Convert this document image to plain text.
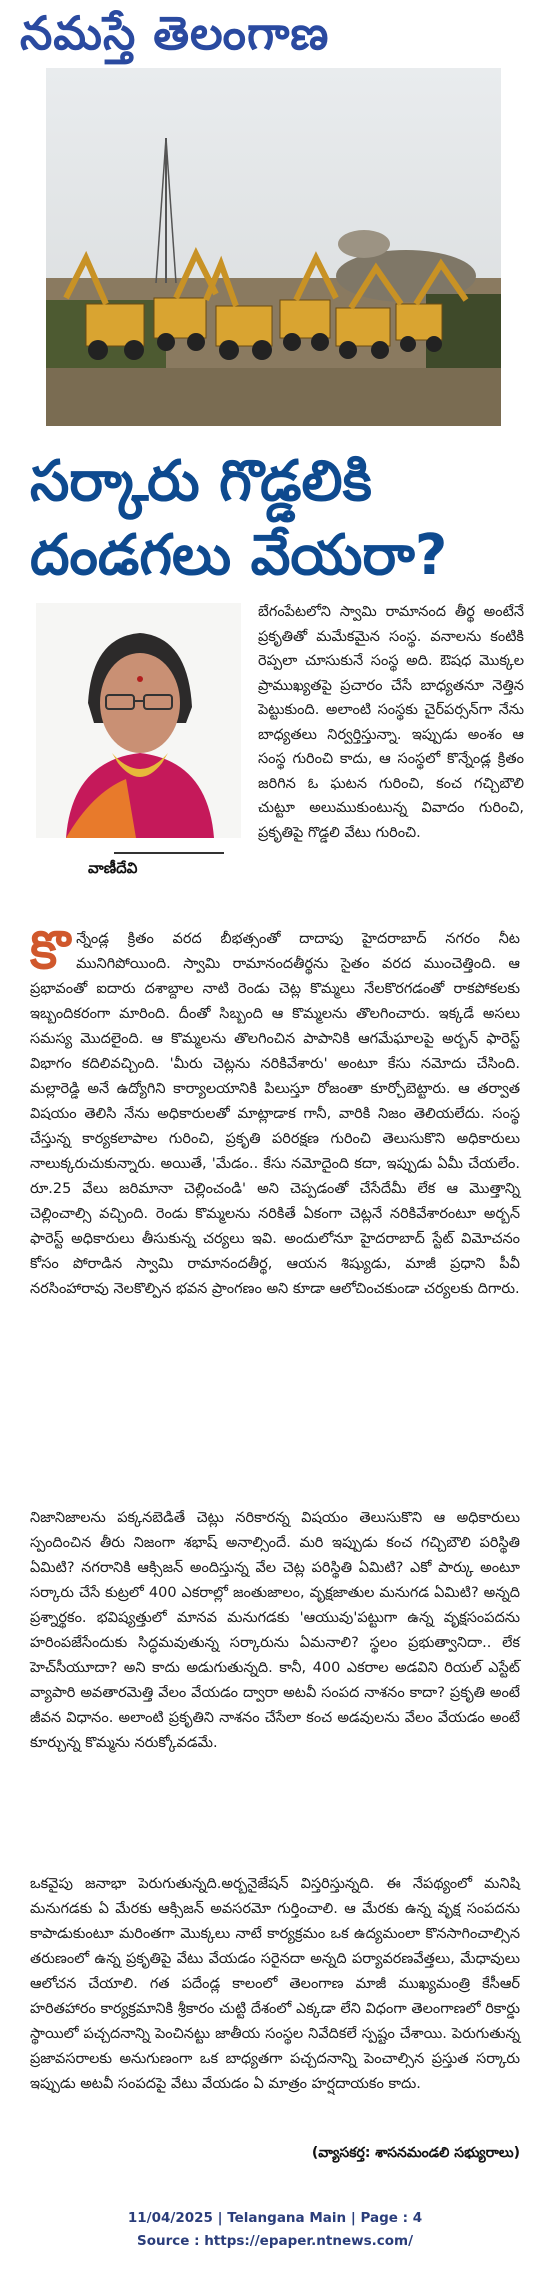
నమస్తే తెలంగాణ
సర్కారు గొడ్డలికి
దండగలు వేయరా?
వాణీదేవి
బేగంపేటలోని స్వామి రామానంద తీర్థ అంటేనే ప్రకృతితో మమేకమైన సంస్థ. వనాలను కంటికి రెప్పలా చూసుకునే సంస్థ అది. ఔషధ మొక్కల ప్రాముఖ్యతపై ప్రచారం చేసే బాధ్యతనూ నెత్తిన పెట్టుకుంది. అలాంటి సంస్థకు చైర్‌పర్సన్‌గా నేను బాధ్యతలు నిర్వర్తిస్తున్నా. ఇప్పుడు అంశం ఆ సంస్థ గురించి కాదు, ఆ సంస్థలో కొన్నేండ్ల క్రితం జరిగిన ఓ ఘటన గురించి, కంచ గచ్చిబౌలి చుట్టూ అలుముకుంటున్న వివాదం గురించి, ప్రకృతిపై గొడ్డలి వేటు గురించి.
కొ న్నేండ్ల క్రితం వరద బీభత్సంతో దాదాపు హైదరాబాద్‌ నగరం నీట మునిగిపోయింది. స్వామి రామానందతీర్థను సైతం వరద ముంచెత్తింది. ఆ ప్రభావంతో ఐదారు దశాబ్దాల నాటి రెండు చెట్ల కొమ్మలు నేలకొరగడంతో రాకపోకలకు ఇబ్బందికరంగా మారింది. దీంతో సిబ్బంది ఆ కొమ్మలను తొలగించారు. ఇక్కడే అసలు సమస్య మొదలైంది. ఆ కొమ్మలను తొలగించిన పాపానికి ఆగమేఘాలపై అర్బన్‌ ఫారెస్ట్‌ విభాగం కదిలివచ్చింది. 'మీరు చెట్లను నరికివేశారు' అంటూ కేసు నమోదు చేసింది. మల్లారెడ్డి అనే ఉద్యోగిని కార్యాలయానికి పిలుస్తూ రోజంతా కూర్చోబెట్టారు. ఆ తర్వాత విషయం తెలిసి నేను అధికారులతో మాట్లాడాక గానీ, వారికి నిజం తెలియలేదు. సంస్థ చేస్తున్న కార్యకలాపాల గురించి, ప్రకృతి పరిరక్షణ గురించి తెలుసుకొని అధికారులు నాలుక్కరుచుకున్నారు. అయితే, 'మేడం.. కేసు నమోదైంది కదా, ఇప్పుడు ఏమీ చేయలేం. రూ.25 వేలు జరిమానా చెల్లించండి' అని చెప్పడంతో చేసేదేమీ లేక ఆ మొత్తాన్ని చెల్లించాల్సి వచ్చింది. రెండు కొమ్మలను నరికితే ఏకంగా చెట్లనే నరికివేశారంటూ అర్బన్‌ ఫారెస్ట్‌ అధికారులు తీసుకున్న చర్యలు ఇవి. అందులోనూ హైదరాబాద్‌ స్టేట్‌ విమోచనం కోసం పోరాడిన స్వామి రామానందతీర్థ, ఆయన శిష్యుడు, మాజీ ప్రధాని పీవీ నరసింహారావు నెలకొల్పిన భవన ప్రాంగణం అని కూడా ఆలోచించకుండా చర్యలకు దిగారు.
నిజానిజాలను పక్కనబెడితే చెట్లు నరికారన్న విషయం తెలుసుకొని ఆ అధికారులు స్పందించిన తీరు నిజంగా శభాష్‌ అనాల్సిందే. మరి ఇప్పుడు కంచ గచ్చిబౌలి పరిస్థితి ఏమిటి? నగరానికి ఆక్సిజన్‌ అందిస్తున్న వేల చెట్ల పరిస్థితి ఏమిటి? ఎకో పార్కు అంటూ సర్కారు చేసే కుట్రలో 400 ఎకరాల్లో జంతుజాలం, వృక్షజాతుల మనుగడ ఏమిటి? అన్నది ప్రశ్నార్థకం. భవిష్యత్తులో మానవ మనుగడకు 'ఆయువు'పట్టుగా ఉన్న వృక్షసంపదను హరింపజేసేందుకు సిద్ధమవుతున్న సర్కారును ఏమనాలి? స్థలం ప్రభుత్వానిదా.. లేక హెచ్‌సీయూదా? అని కాదు అడుగుతున్నది. కానీ, 400 ఎకరాల అడవిని రియల్‌ ఎస్టేట్‌ వ్యాపారి అవతారమెత్తి వేలం వేయడం ద్వారా అటవీ సంపద నాశనం కాదా? ప్రకృతి అంటే జీవన విధానం. అలాంటి ప్రకృతిని నాశనం చేసేలా కంచ అడవులను వేలం వేయడం అంటే కూర్చున్న కొమ్మను నరుక్కోవడమే.
ఒకవైపు జనాభా పెరుగుతున్నది.అర్బనైజేషన్‌ విస్తరిస్తున్నది. ఈ నేపథ్యంలో మనిషి మనుగడకు ఏ మేరకు ఆక్సిజన్‌ అవసరమో గుర్తించాలి. ఆ మేరకు ఉన్న వృక్ష సంపదను కాపాడుకుంటూ మరింతగా మొక్కలు నాటే కార్యక్రమం ఒక ఉద్యమంలా కొనసాగించాల్సిన తరుణంలో ఉన్న ప్రకృతిపై వేటు వేయడం సరైనదా అన్నది పర్యావరణవేత్తలు, మేధావులు ఆలోచన చేయాలి. గత పదేండ్ల కాలంలో తెలంగాణ మాజీ ముఖ్యమంత్రి కేసీఆర్‌ హరితహారం కార్యక్రమానికి శ్రీకారం చుట్టి దేశంలో ఎక్కడా లేని విధంగా తెలంగాణలో రికార్డు స్థాయిలో పచ్చదనాన్ని పెంచినట్టు జాతీయ సంస్థల నివేదికలే స్పష్టం చేశాయి. పెరుగుతున్న ప్రజావసరాలకు అనుగుణంగా ఒక బాధ్యతగా పచ్చదనాన్ని పెంచాల్సిన ప్రస్తుత సర్కారు ఇప్పుడు అటవీ సంపదపై వేటు వేయడం ఏ మాత్రం హర్షదాయకం కాదు.
(వ్యాసకర్త: శాసనమండలి సభ్యురాలు)
11/04/2025 | Telangana Main | Page : 4
Source : https://epaper.ntnews.com/
